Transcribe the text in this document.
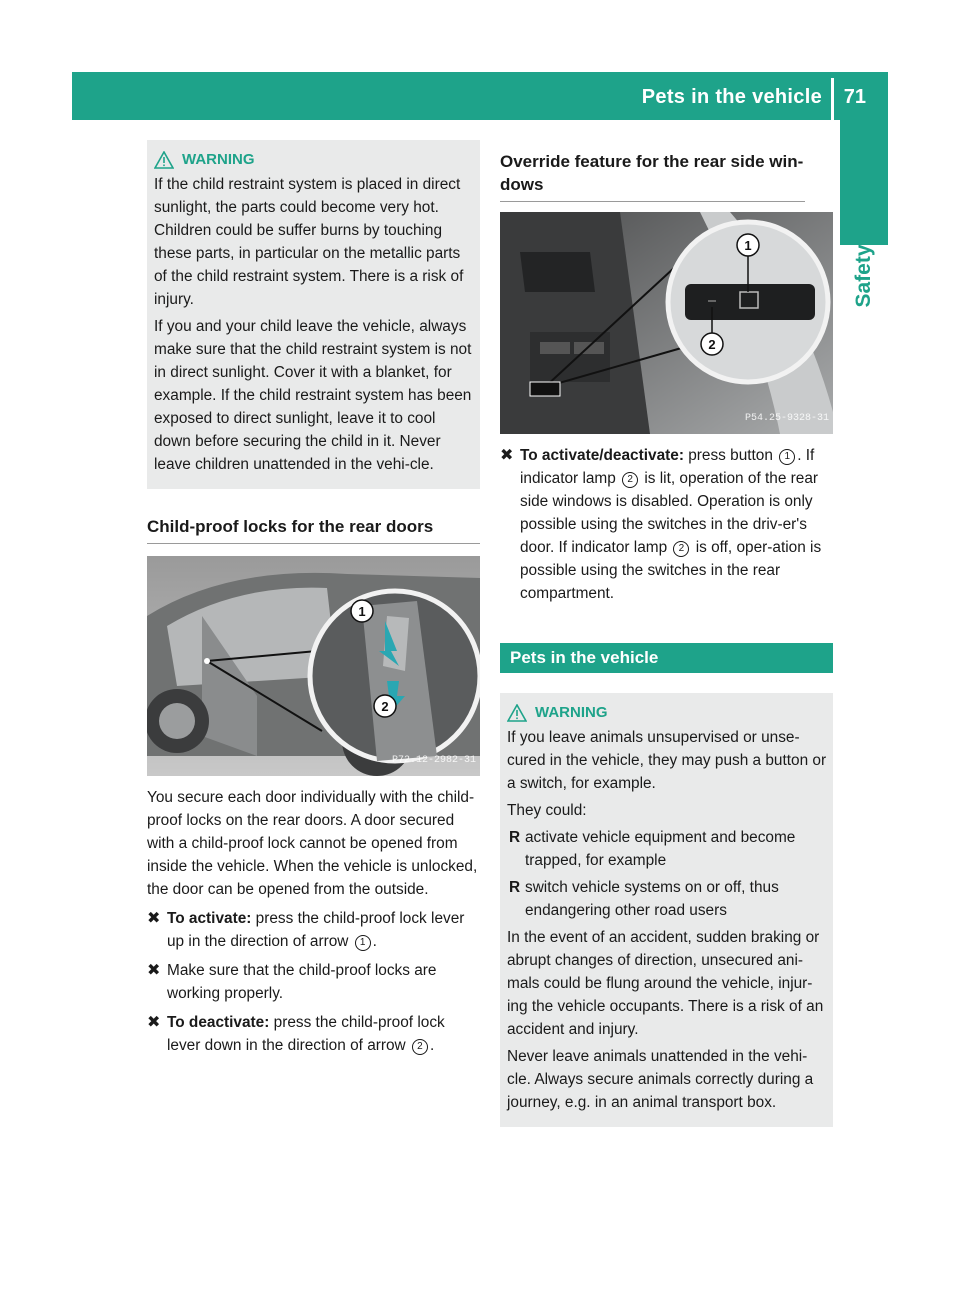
Pets in the vehicle 71
Safety
WARNING

If the child restraint system is placed in direct sunlight, the parts could become very hot. Children could be suffer burns by touching these parts, in particular on the metallic parts of the child restraint system. There is a risk of injury.

If you and your child leave the vehicle, always make sure that the child restraint system is not in direct sunlight. Cover it with a blanket, for example. If the child restraint system has been exposed to direct sunlight, leave it to cool down before securing the child in it. Never leave children unattended in the vehi-cle.

Child-proof locks for the rear doors
1
2
P72.12-2982-31

You secure each door individually with the child-proof locks on the rear doors. A door secured with a child-proof lock cannot be opened from inside the vehicle. When the vehicle is unlocked, the door can be opened from the outside.

✖ To activate: press the child-proof lock lever up in the direction of arrow 1 .
✖ Make sure that the child-proof locks are working properly.
✖ To deactivate: press the child-proof lock lever down in the direction of arrow 2 .
Override feature for the rear side win-dows
1
2
P54.25-9328-31
✖ To activate/deactivate: press button 1 . If indicator lamp 2 is lit, operation of the rear side windows is disabled. Operation is only possible using the switches in the driv-er's door. If indicator lamp 2 is off, oper-ation is possible using the switches in the rear compartment.
Pets in the vehicle
WARNING

If you leave animals unsupervised or unse-cured in the vehicle, they may push a button or a switch, for example.

They could:

R activate vehicle equipment and become trapped, for example
R switch vehicle systems on or off, thus endangering other road users

In the event of an accident, sudden braking or abrupt changes of direction, unsecured ani-mals could be flung around the vehicle, injur-ing the vehicle occupants. There is a risk of an accident and injury.

Never leave animals unattended in the vehi-cle. Always secure animals correctly during a journey, e.g. in an animal transport box.
